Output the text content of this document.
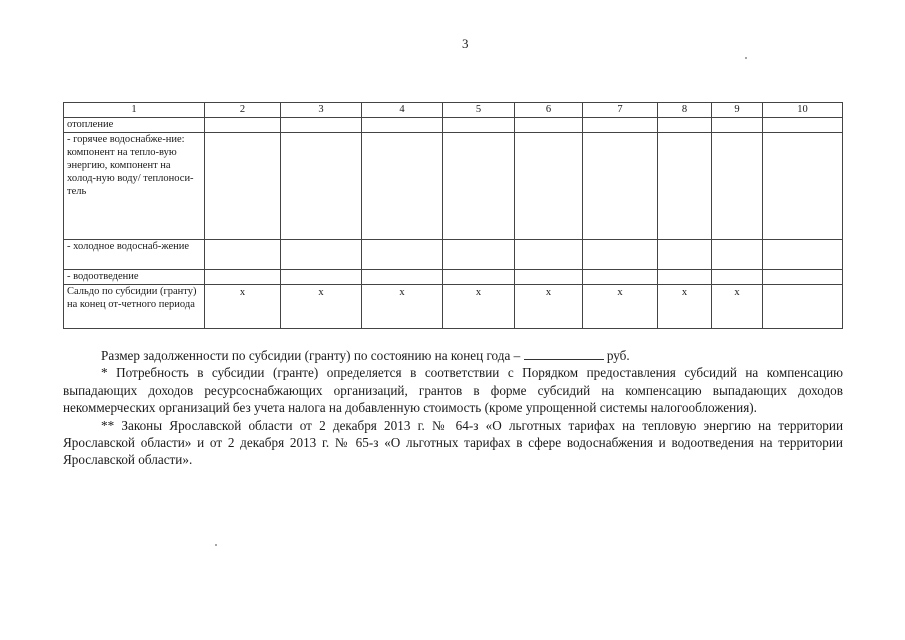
3
1	2	3	4	5	6	7	8	9	10
отопление									
- горячее водоснабже-ние: компонент на тепло-вую энергию, компонент на холод-ную воду/ теплоноси-тель									
- холодное водоснаб-жение									
- водоотведение									
Сальдо по субсидии (гранту) на конец от-четного периода	х	х	х	х	х	х	х	х	

Размер задолженности по субсидии (гранту) по состоянию на конец года –	руб.

* Потребность в субсидии (гранте) определяется в соответствии с Порядком предоставления субсидий на компенсацию выпадающих доходов ресурсоснабжающих организаций, грантов в форме субсидий на компенсацию выпадающих доходов некоммерческих организаций без учета налога на добавленную стоимость (кроме упрощенной системы налогообложения).

** Законы Ярославской области от 2 декабря 2013 г. № 64-з «О льготных тарифах на тепловую энергию на территории Ярославской области» и от 2 декабря 2013 г. № 65-з «О льготных тарифах в сфере водоснабжения и водоотведения на территории Ярославской области».
